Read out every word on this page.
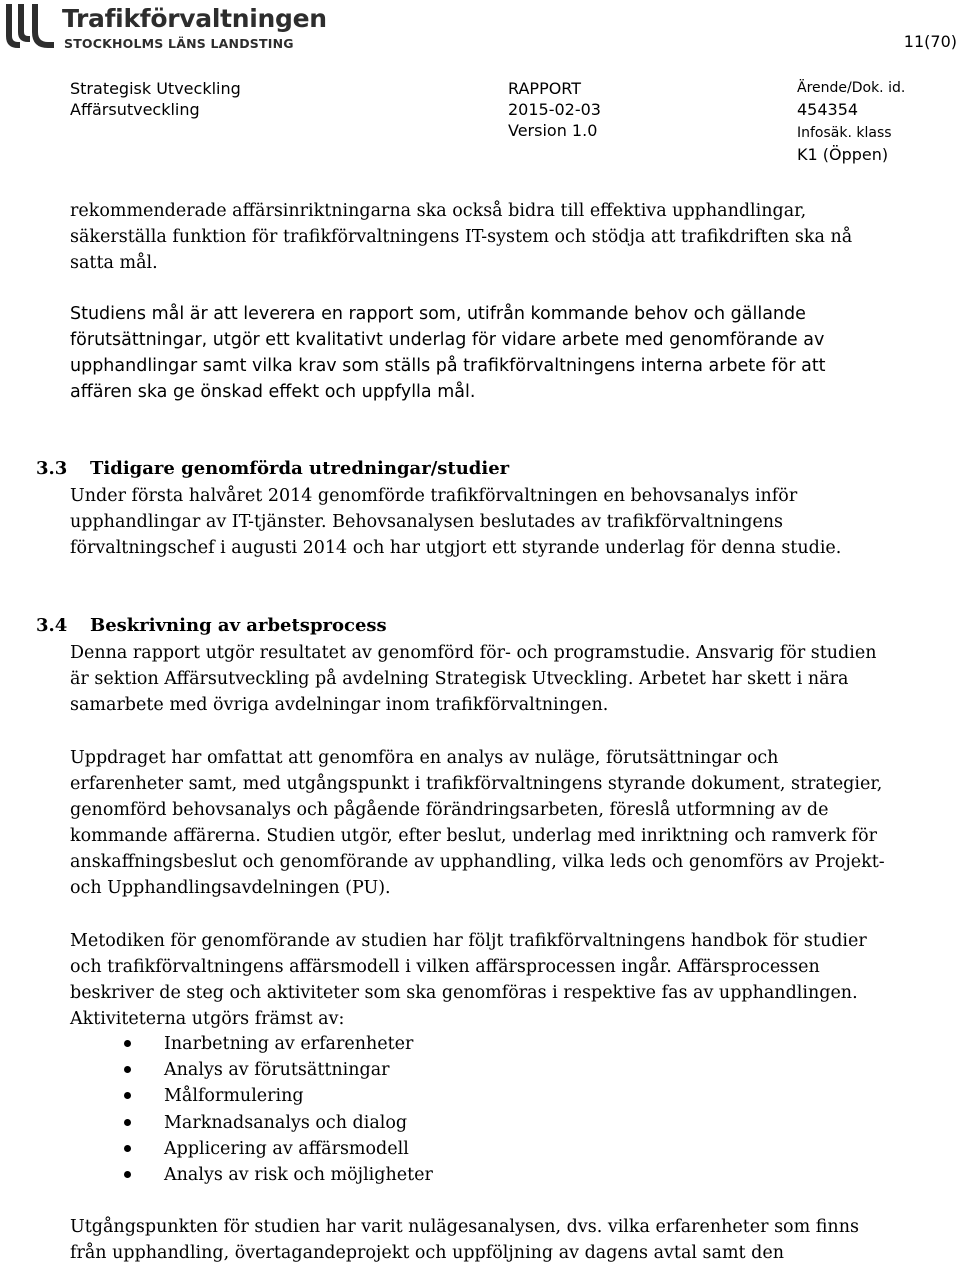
Trafikförvaltningen
STOCKHOLMS LÄNS LANDSTING	11(70)
Strategisk Utveckling
Affärsutveckling
RAPPORT
2015-02-03
Version 1.0
Ärende/Dok. id.
454354
Infosäk. klass
K1 (Öppen)

rekommenderade affärsinriktningarna ska också bidra till effektiva upphandlingar, säkerställa funktion för trafikförvaltningens IT-system och stödja att trafikdriften ska nå satta mål.

Studiens mål är att leverera en rapport som, utifrån kommande behov och gällande förutsättningar, utgör ett kvalitativt underlag för vidare arbete med genomförande av upphandlingar samt vilka krav som ställs på trafikförvaltningens interna arbete för att affären ska ge önskad effekt och uppfylla mål.

3.3 Tidigare genomförda utredningar/studier

Under första halvåret 2014 genomförde trafikförvaltningen en behovsanalys inför upphandlingar av IT-tjänster. Behovsanalysen beslutades av trafikförvaltningens förvaltningschef i augusti 2014 och har utgjort ett styrande underlag för denna studie.

3.4 Beskrivning av arbetsprocess

Denna rapport utgör resultatet av genomförd för- och programstudie. Ansvarig för studien är sektion Affärsutveckling på avdelning Strategisk Utveckling. Arbetet har skett i nära samarbete med övriga avdelningar inom trafikförvaltningen.

Uppdraget har omfattat att genomföra en analys av nuläge, förutsättningar och erfarenheter samt, med utgångspunkt i trafikförvaltningens styrande dokument, strategier, genomförd behovsanalys och pågående förändringsarbeten, föreslå utformning av de kommande affärerna. Studien utgör, efter beslut, underlag med inriktning och ramverk för anskaffningsbeslut och genomförande av upphandling, vilka leds och genomförs av Projekt- och Upphandlingsavdelningen (PU).

Metodiken för genomförande av studien har följt trafikförvaltningens handbok för studier och trafikförvaltningens affärsmodell i vilken affärsprocessen ingår. Affärsprocessen beskriver de steg och aktiviteter som ska genomföras i respektive fas av upphandlingen. Aktiviteterna utgörs främst av:

Inarbetning av erfarenheter
Analys av förutsättningar
Målformulering
Marknadsanalys och dialog
Applicering av affärsmodell
Analys av risk och möjligheter

Utgångspunkten för studien har varit nulägesanalysen, dvs. vilka erfarenheter som finns från upphandling, övertagandeprojekt och uppföljning av dagens avtal samt den
